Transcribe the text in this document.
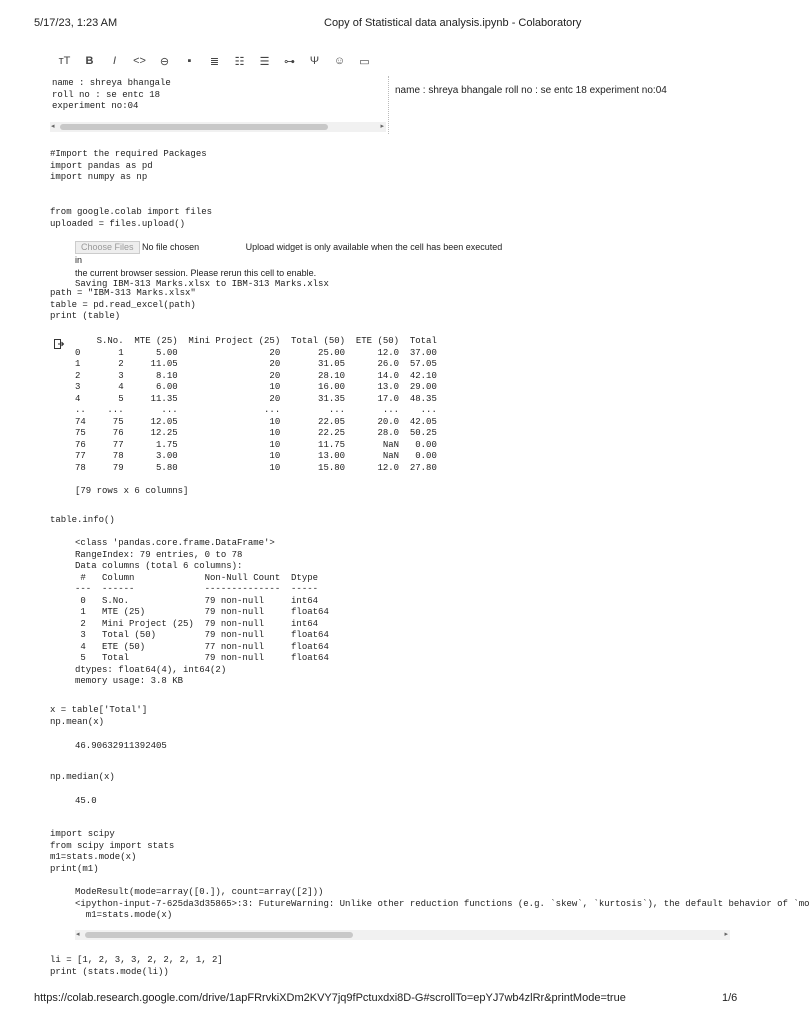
5/17/23, 1:23 AM	Copy of Statistical data analysis.ipynb - Colaboratory
тT	B	I	<>	⊖	▪	≣	☷	☰	⊶	Ψ	☺	▭
name : shreya bhangale
roll no : se entc 18
experiment no:04
◂	▸
name : shreya bhangale roll no : se entc 18 experiment no:04
#Import the required Packages
import pandas as pd
import numpy as np
from google.colab import files
uploaded = files.upload()
Choose Files No file chosen	Upload widget is only available when the cell has been executed in
the current browser session. Please rerun this cell to enable.
Saving IBM-313 Marks.xlsx to IBM-313 Marks.xlsx
path = "IBM-313 Marks.xlsx"
table = pd.read_excel(path)
print (table)
S.No.  MTE (25)  Mini Project (25)  Total (50)  ETE (50)  Total
0       1      5.00                 20       25.00      12.0  37.00
1       2     11.05                 20       31.05      26.0  57.05
2       3      8.10                 20       28.10      14.0  42.10
3       4      6.00                 10       16.00      13.0  29.00
4       5     11.35                 20       31.35      17.0  48.35
..    ...       ...                ...         ...       ...    ...
74     75     12.05                 10       22.05      20.0  42.05
75     76     12.25                 10       22.25      28.0  50.25
76     77      1.75                 10       11.75       NaN   0.00
77     78      3.00                 10       13.00       NaN   0.00
78     79      5.80                 10       15.80      12.0  27.80

[79 rows x 6 columns]
table.info()
<class 'pandas.core.frame.DataFrame'>
RangeIndex: 79 entries, 0 to 78
Data columns (total 6 columns):
#   Column             Non-Null Count  Dtype
---  ------             --------------  -----
0   S.No.              79 non-null     int64
1   MTE (25)           79 non-null     float64
2   Mini Project (25)  79 non-null     int64
3   Total (50)         79 non-null     float64
4   ETE (50)           77 non-null     float64
5   Total              79 non-null     float64
dtypes: float64(4), int64(2)
memory usage: 3.8 KB
x = table['Total']
np.mean(x)
46.90632911392405
np.median(x)
45.0
import scipy
from scipy import stats
m1=stats.mode(x)
print(m1)
ModeResult(mode=array([0.]), count=array([2]))
<ipython-input-7-625da3d35865>:3: FutureWarning: Unlike other reduction functions (e.g. `skew`, `kurtosis`), the default behavior of `mo
m1=stats.mode(x)
◂	▸
li = [1, 2, 3, 3, 2, 2, 2, 1, 2]
print (stats.mode(li))
https://colab.research.google.com/drive/1apFRrvkiXDm2KVY7jq9fPctuxdxi8D-G#scrollTo=epYJ7wb4zlRr&printMode=true	1/6
